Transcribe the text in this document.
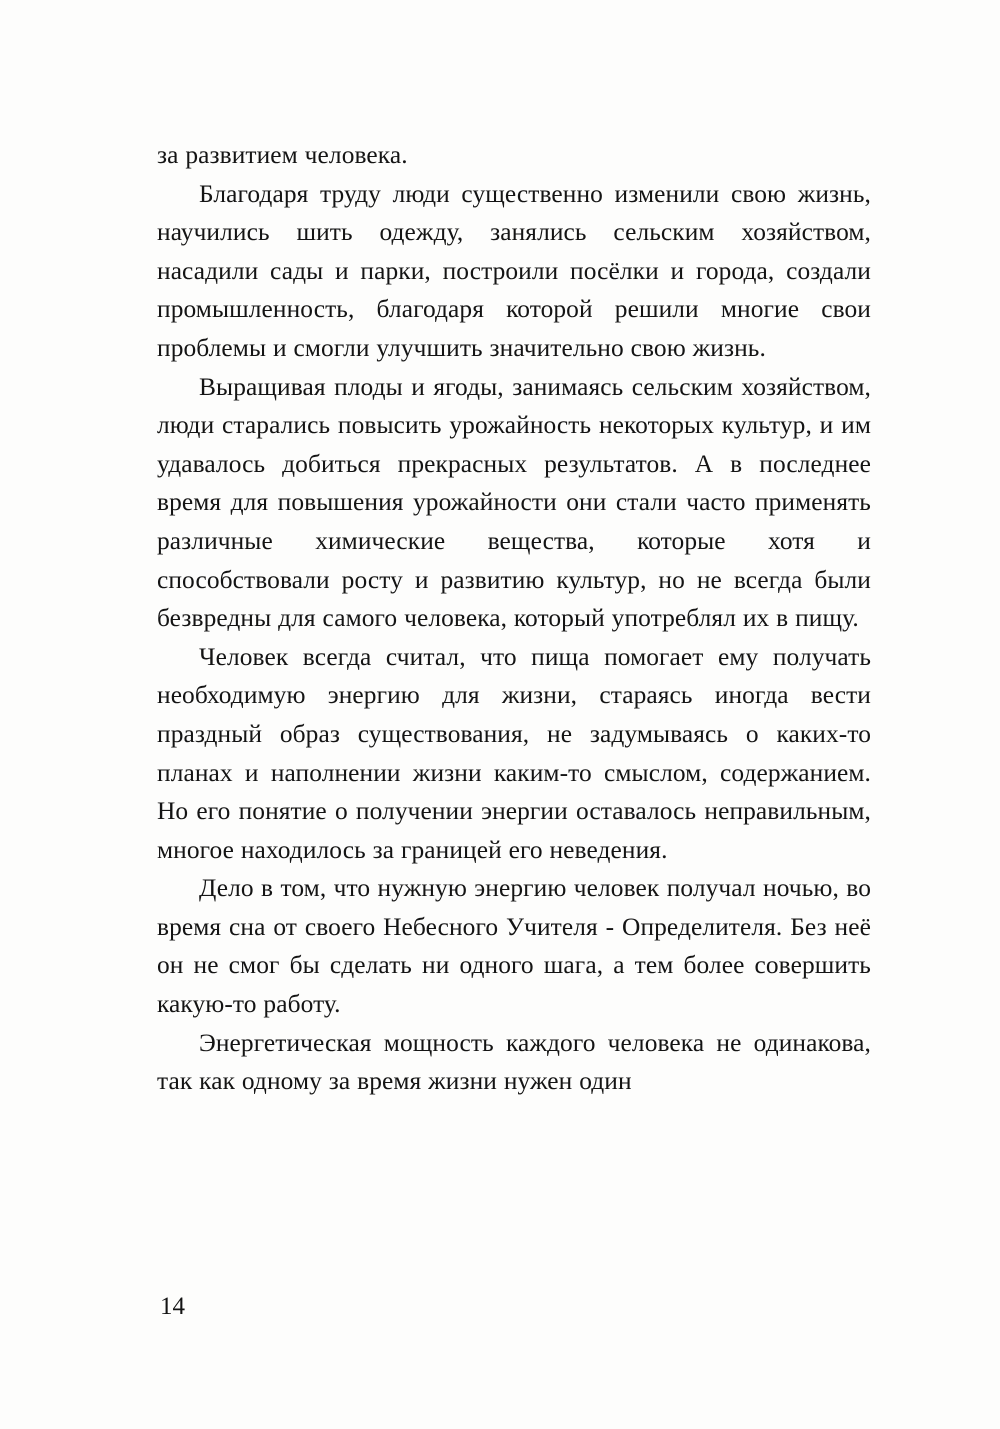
за развитием человека.

Благодаря труду люди существенно изменили свою жизнь, научились шить одежду, занялись сельским хозяйством, насадили сады и парки, построили посёлки и города, создали промышленность, благодаря которой решили многие свои проблемы и смогли улучшить значительно свою жизнь.

Выращивая плоды и ягоды, занимаясь сельским хозяйством, люди старались повысить урожайность некоторых культур, и им удавалось добиться прекрасных результатов. А в последнее время для повышения урожайности они стали часто применять различные химические вещества, которые хотя и способствовали росту и развитию культур, но не всегда были безвредны для самого человека, который употреблял их в пищу.

Человек всегда считал, что пища помогает ему получать необходимую энергию для жизни, стараясь иногда вести праздный образ существования, не задумываясь о каких-то планах и наполнении жизни каким-то смыслом, содержанием. Но его понятие о получении энергии оставалось неправильным, многое находилось за границей его неведения.

Дело в том, что нужную энергию человек получал ночью, во время сна от своего Небесного Учителя - Определителя. Без неё он не смог бы сделать ни одного шага, а тем более совершить какую-то работу.

Энергетическая мощность каждого человека не одинакова, так как одному за время жизни нужен один

14
